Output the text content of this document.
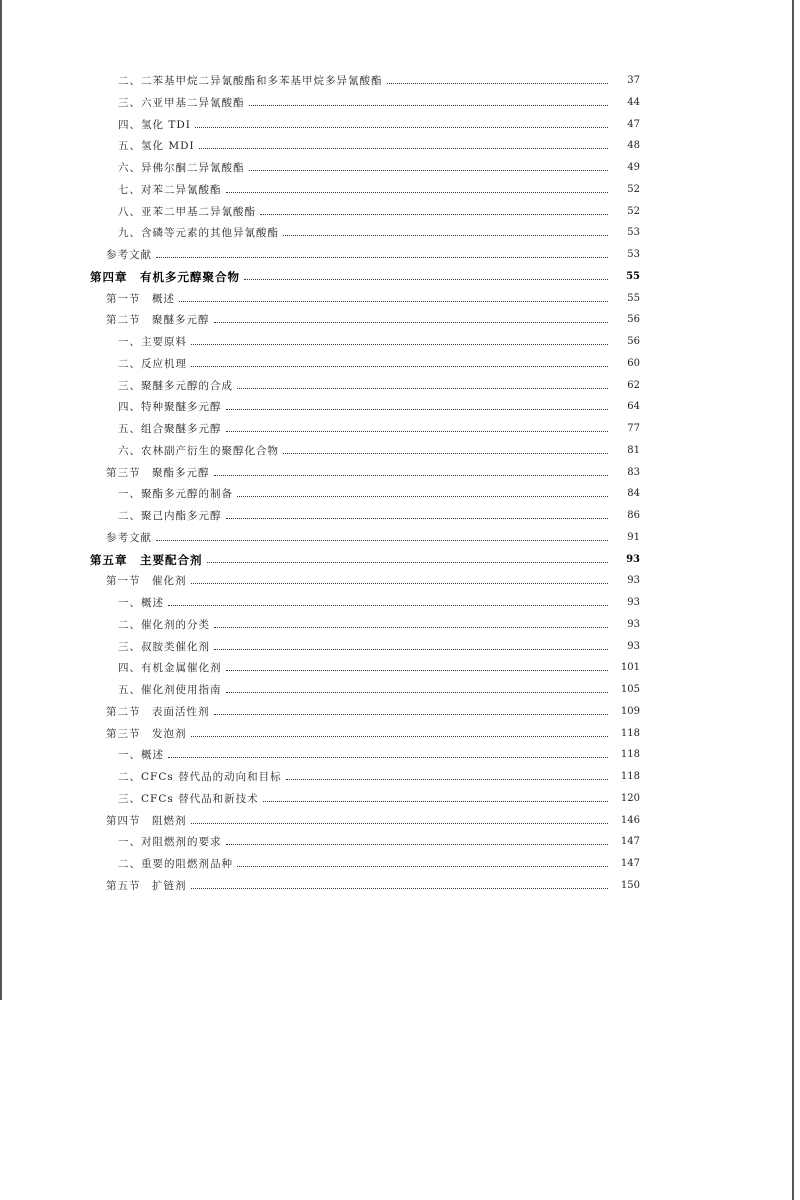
二、二苯基甲烷二异氰酸酯和多苯基甲烷多异氰酸酯	37
三、六亚甲基二异氰酸酯	44
四、氢化 TDI	47
五、氢化 MDI	48
六、异佛尔酮二异氰酸酯	49
七、对苯二异氰酸酯	52
八、亚苯二甲基二异氰酸酯	52
九、含磷等元素的其他异氰酸酯	53
参考文献	53
第四章　有机多元醇聚合物	55
第一节　概述	55
第二节　聚醚多元醇	56
一、主要原料	56
二、反应机理	60
三、聚醚多元醇的合成	62
四、特种聚醚多元醇	64
五、组合聚醚多元醇	77
六、农林副产衍生的聚醇化合物	81
第三节　聚酯多元醇	83
一、聚酯多元醇的制备	84
二、聚己内酯多元醇	86
参考文献	91
第五章　主要配合剂	93
第一节　催化剂	93
一、概述	93
二、催化剂的分类	93
三、叔胺类催化剂	93
四、有机金属催化剂	101
五、催化剂使用指南	105
第二节　表面活性剂	109
第三节　发泡剂	118
一、概述	118
二、CFCs 替代品的动向和目标	118
三、CFCs 替代品和新技术	120
第四节　阻燃剂	146
一、对阻燃剂的要求	147
二、重要的阻燃剂品种	147
第五节　扩链剂	150
